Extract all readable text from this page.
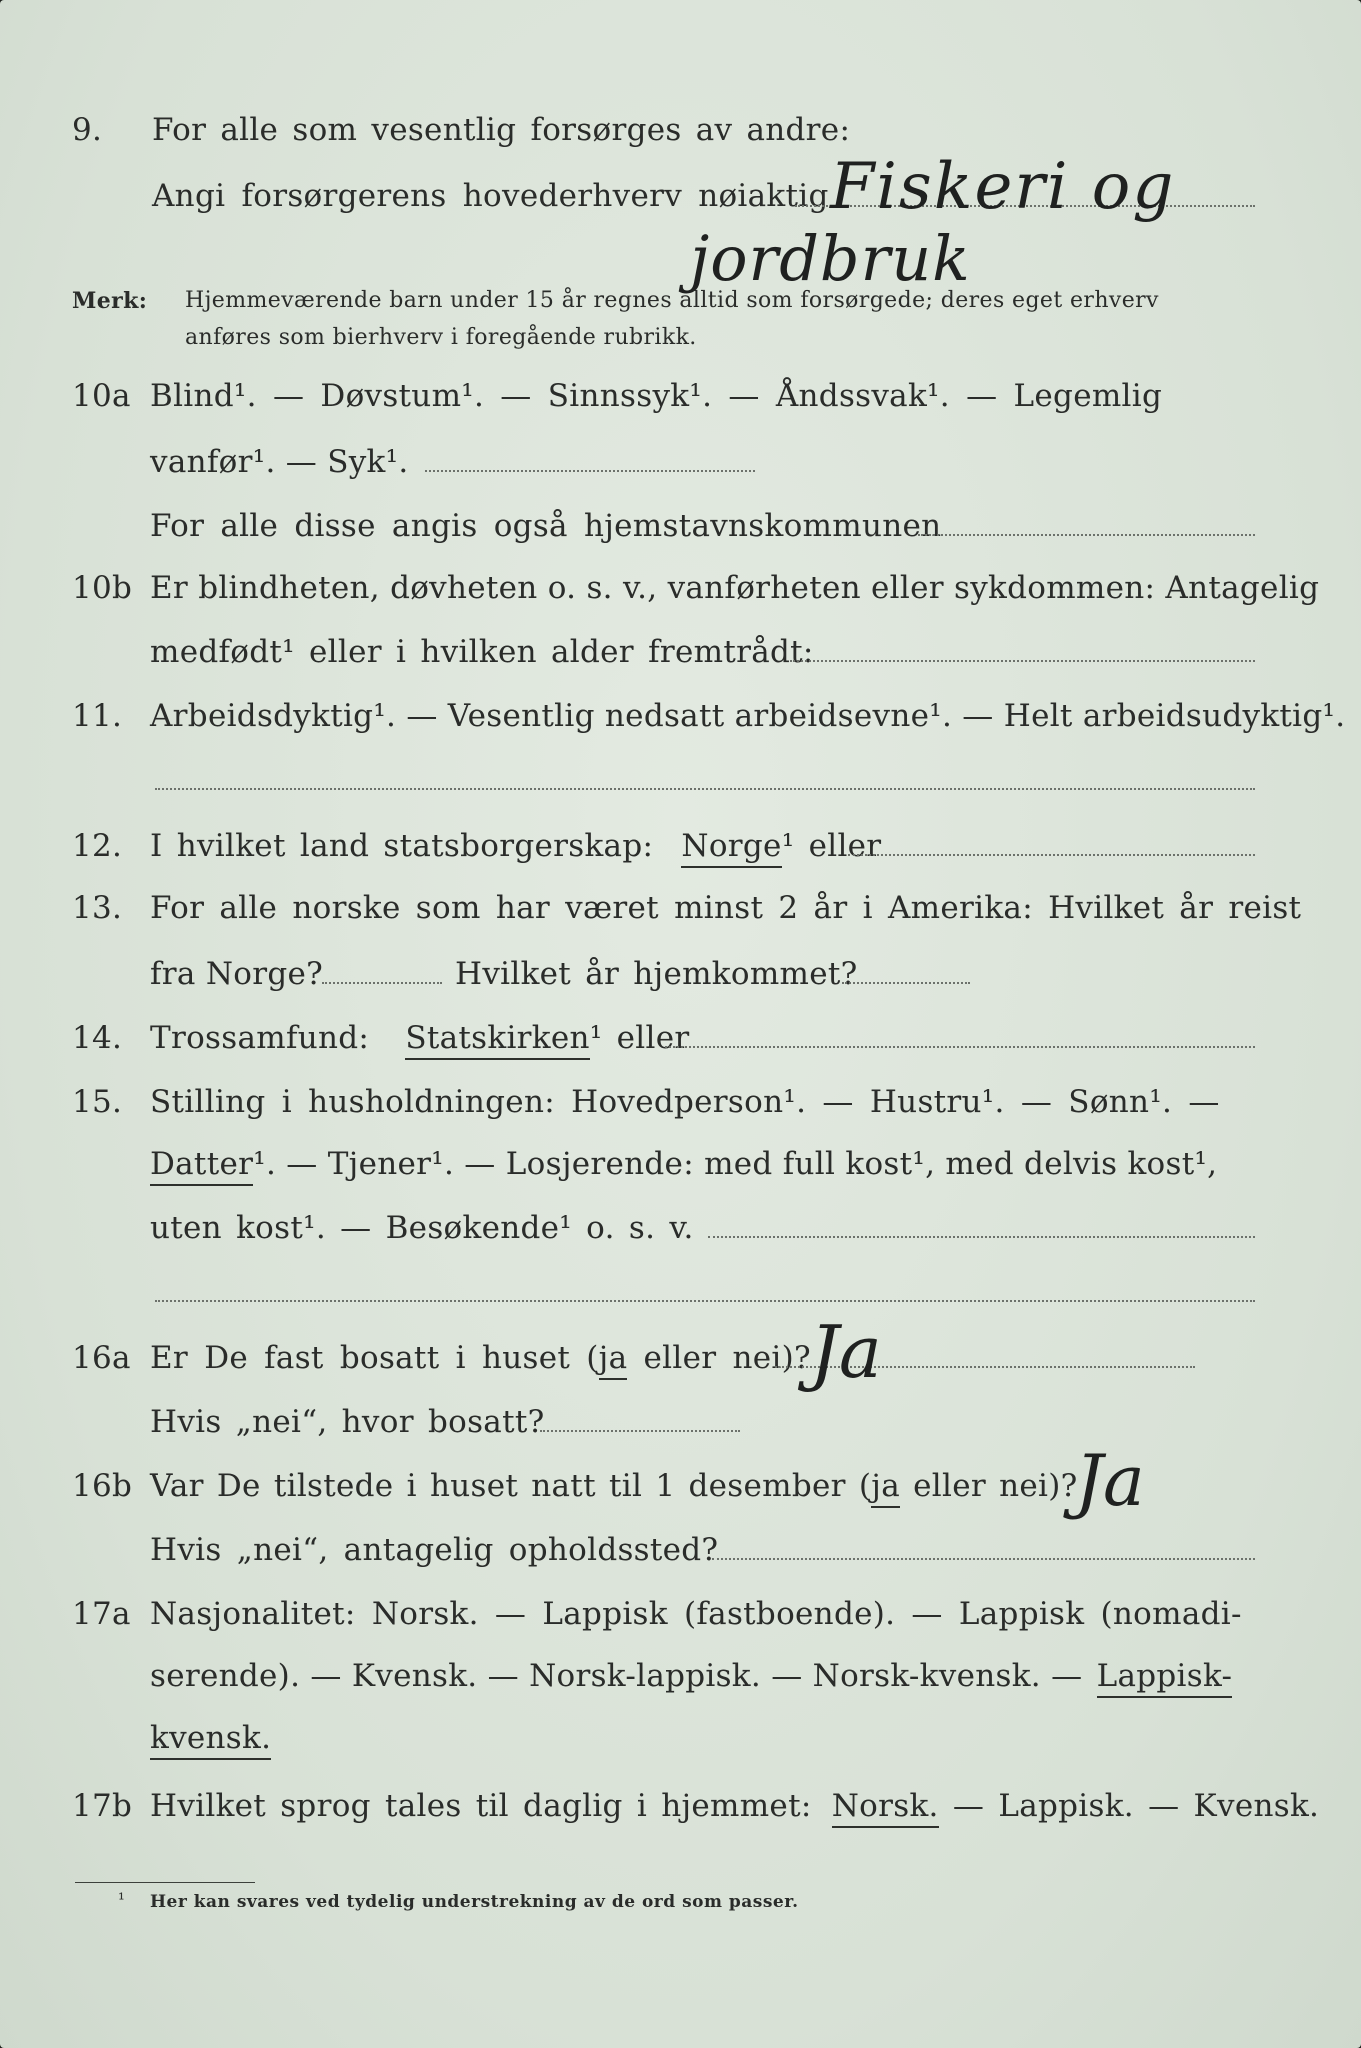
9. For alle som vesentlig forsørges av andre:
Angi forsørgerens hovederhverv nøiaktig Fiskeri og
jordbruk
Merk: Hjemmeværende barn under 15 år regnes alltid som forsørgede; deres eget erhverv
anføres som bierhverv i foregående rubrikk.
10a Blind¹. — Døvstum¹. — Sinnssyk¹. — Åndssvak¹. — Legemlig
vanfør¹. — Syk¹.
For alle disse angis også hjemstavnskommunen
10b Er blindheten, døvheten o. s. v., vanførheten eller sykdommen: Antagelig
medfødt¹ eller i hvilken alder fremtrådt:
11. Arbeidsdyktig¹. — Vesentlig nedsatt arbeidsevne¹. — Helt arbeidsudyktig¹.
12. I hvilket land statsborgerskap: Norge¹ eller
13. For alle norske som har været minst 2 år i Amerika: Hvilket år reist
fra Norge?	Hvilket år hjemkommet?
14. Trossamfund: Statskirken¹ eller
15. Stilling i husholdningen: Hovedperson¹. — Hustru¹. — Sønn¹. —
Datter¹. — Tjener¹. — Losjerende: med full kost¹, med delvis kost¹,
uten kost¹. — Besøkende¹ o. s. v.
16a Er De fast bosatt i huset (ja eller nei)? Ja
Hvis „nei“, hvor bosatt?
16b Var De tilstede i huset natt til 1 desember (ja eller nei)?
Ja
Hvis „nei“, antagelig opholdssted?
17a Nasjonalitet: Norsk. — Lappisk (fastboende). — Lappisk (nomadi-
serende). — Kvensk. — Norsk-lappisk. — Norsk-kvensk. — Lappisk-
kvensk.
17b Hvilket sprog tales til daglig i hjemmet: Norsk. — Lappisk. — Kvensk.
¹ Her kan svares ved tydelig understrekning av de ord som passer.
